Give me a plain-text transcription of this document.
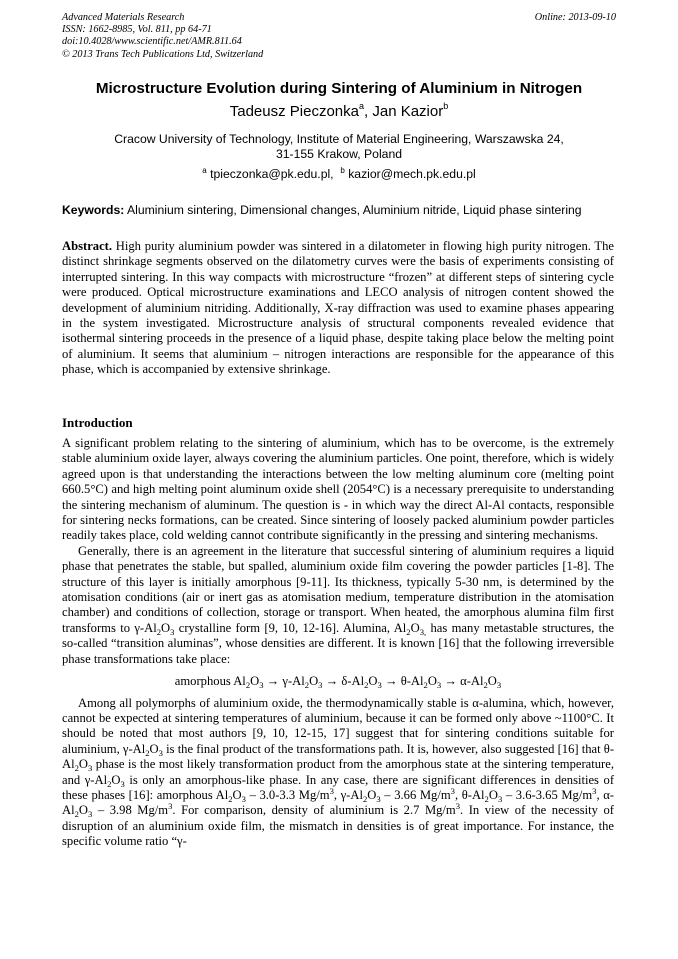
Advanced Materials Research
ISSN: 1662-8985, Vol. 811, pp 64-71
doi:10.4028/www.scientific.net/AMR.811.64
© 2013 Trans Tech Publications Ltd, Switzerland
Online: 2013-09-10
Microstructure Evolution during Sintering of Aluminium in Nitrogen
Tadeusz Pieczonka$^a$, Jan Kazior$^b$
Cracow University of Technology, Institute of Material Engineering, Warszawska 24,
31-155 Krakow, Poland
$^a$ tpieczonka@pk.edu.pl, $^b$ kazior@mech.pk.edu.pl
Keywords: Aluminium sintering, Dimensional changes, Aluminium nitride, Liquid phase sintering

Abstract. High purity aluminium powder was sintered in a dilatometer in flowing high purity nitrogen. The distinct shrinkage segments observed on the dilatometry curves were the basis of experiments consisting of interrupted sintering. In this way compacts with microstructure “frozen” at different steps of sintering cycle were produced. Optical microstructure examinations and LECO analysis of nitrogen content showed the development of aluminium nitriding. Additionally, X-ray diffraction was used to examine phases appearing in the system investigated. Microstructure analysis of structural components revealed evidence that isothermal sintering proceeds in the presence of a liquid phase, despite taking place below the melting point of aluminium. It seems that aluminium – nitrogen interactions are responsible for the appearance of this phase, which is accompanied by extensive shrinkage.

Introduction

A significant problem relating to the sintering of aluminium, which has to be overcome, is the extremely stable aluminium oxide layer, always covering the aluminium particles. One point, therefore, which is widely agreed upon is that understanding the interactions between the low melting aluminum core (melting point 660.5°C) and high melting point aluminum oxide shell (2054°C) is a necessary prerequisite to understanding the sintering mechanism of aluminum. The question is - in which way the direct Al-Al contacts, responsible for sintering necks formations, can be created. Since sintering of loosely packed aluminium powder particles readily takes place, cold welding cannot contribute significantly in the pressing and sintering mechanisms.

Generally, there is an agreement in the literature that successful sintering of aluminium requires a liquid phase that penetrates the stable, but spalled, aluminium oxide film covering the powder particles [1-8]. The structure of this layer is initially amorphous [9-11]. Its thickness, typically 5-30 nm, is determined by the atomisation conditions (air or inert gas as atomisation medium, temperature distribution in the atomisation chamber) and conditions of collection, storage or transport. When heated, the amorphous alumina film first transforms to $\gamma-Al_2O_3$ crystalline form [9, 10, 12-16]. Alumina, $Al_2O_{3,}$ has many metastable structures, the so-called “transition aluminas”, whose densities are different. It is known [16] that the following irreversible phase transformations take place:

amorphous $Al_2O_3 \to \gamma-Al_2O_3 \to \delta-Al_2O_3 \to \theta-Al_2O_3 \to \alpha-Al_2O_3$

Among all polymorphs of aluminium oxide, the thermodynamically stable is α-alumina, which, however, cannot be expected at sintering temperatures of aluminium, because it can be formed only above ~1100°C. It should be noted that most authors [9, 10, 12-15, 17] suggest that for sintering conditions suitable for aluminium, $\gamma-Al_2O_3$ is the final product of the transformations path. It is, however, also suggested [16] that $\theta-Al_2O_3$ phase is the most likely transformation product from the amorphous state at the sintering temperature, and $\gamma-Al_2O_3$ is only an amorphous-like phase. In any case, there are significant differences in densities of these phases [16]: amorphous $Al_2O_3 - 3.0-3.3$ $Mg/m^3$, $\gamma-Al_2O_3 - 3.66$ $Mg/m^3$, $\theta-Al_2O_3 - 3.6-3.65$ $Mg/m^3$, $\alpha-Al_2O_3 - 3.98$ $Mg/m^3$. For comparison, density of aluminium is 2.7 $Mg/m^3$. In view of the necessity of disruption of an aluminium oxide film, the mismatch in densities is of great importance. For instance, the specific volume ratio “γ-
